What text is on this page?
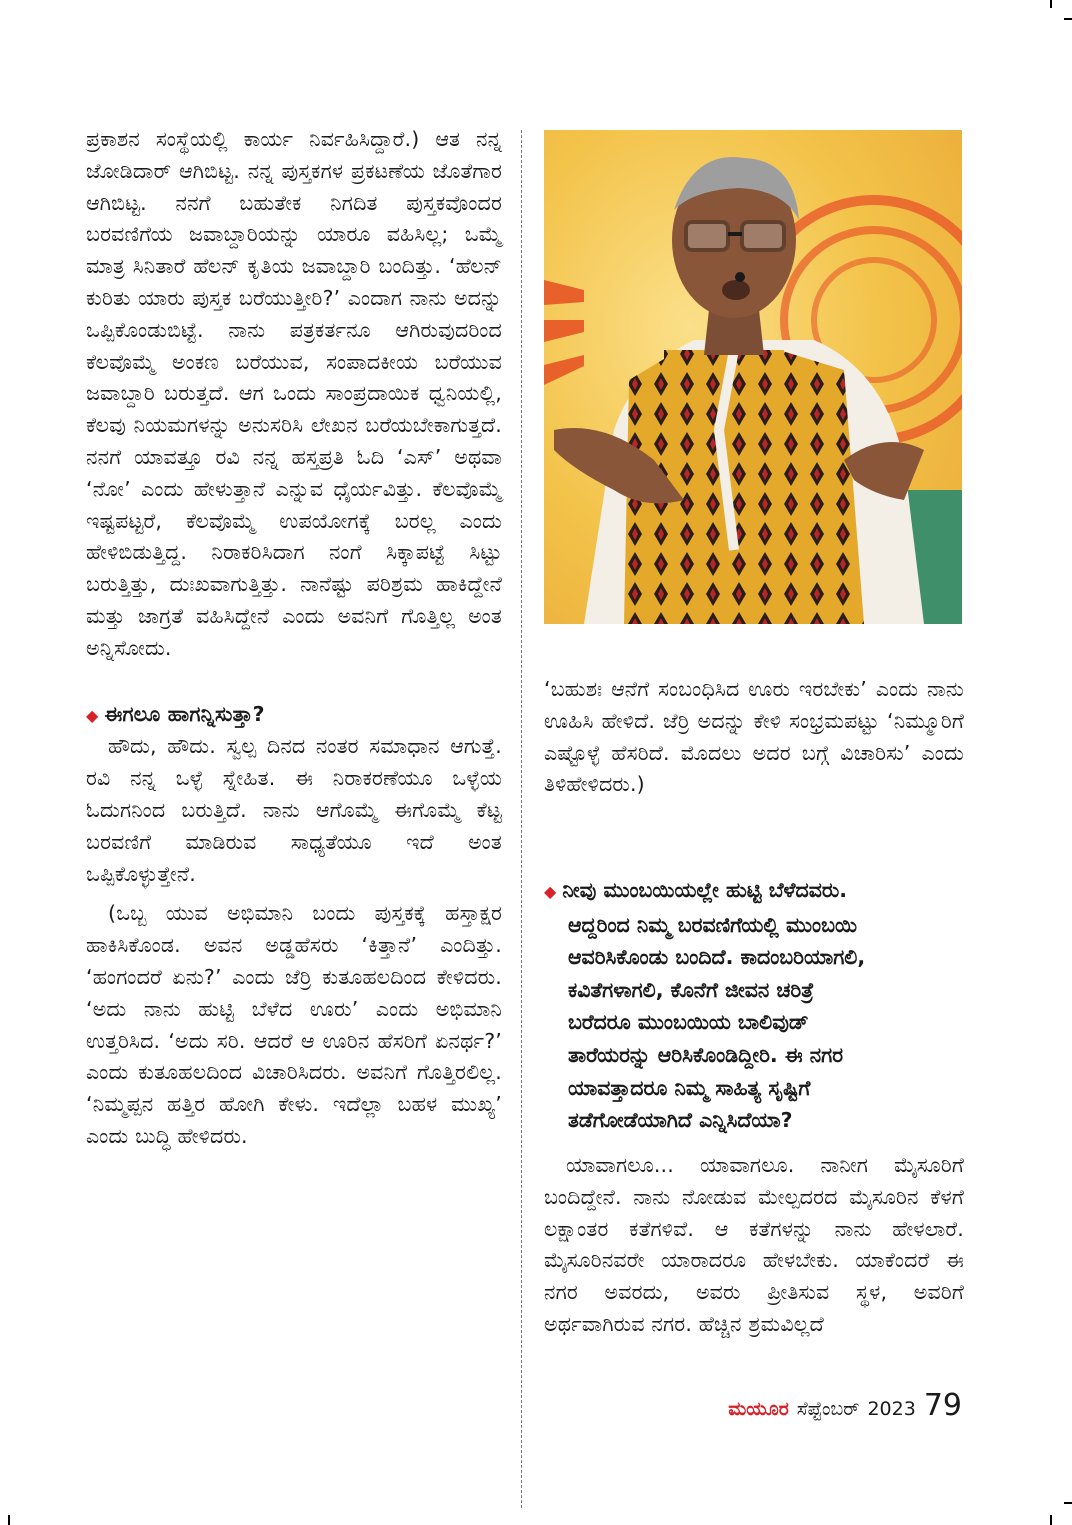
ಪ್ರಕಾಶನ ಸಂಸ್ಥೆಯಲ್ಲಿ ಕಾರ್ಯ ನಿರ್ವಹಿಸಿದ್ದಾರೆ.) ಆತ ನನ್ನ ಜೋಡಿದಾರ್ ಆಗಿಬಿಟ್ಟ. ನನ್ನ ಪುಸ್ತಕಗಳ ಪ್ರಕಟಣೆಯ ಜೊತೆಗಾರ ಆಗಿಬಿಟ್ಟ. ನನಗೆ ಬಹುತೇಕ ನಿಗದಿತ ಪುಸ್ತಕವೊಂದರ ಬರವಣಿಗೆಯ ಜವಾಬ್ದಾರಿಯನ್ನು ಯಾರೂ ವಹಿಸಿಲ್ಲ; ಒಮ್ಮೆ ಮಾತ್ರ ಸಿನಿತಾರೆ ಹೆಲನ್ ಕೃತಿಯ ಜವಾಬ್ದಾರಿ ಬಂದಿತ್ತು. ‘ಹೆಲನ್ ಕುರಿತು ಯಾರು ಪುಸ್ತಕ ಬರೆಯುತ್ತೀರಿ?’ ಎಂದಾಗ ನಾನು ಅದನ್ನು ಒಪ್ಪಿಕೊಂಡುಬಿಟ್ಟೆ. ನಾನು ಪತ್ರಕರ್ತನೂ ಆಗಿರುವುದರಿಂದ ಕೆಲವೊಮ್ಮೆ ಅಂಕಣ ಬರೆಯುವ, ಸಂಪಾದಕೀಯ ಬರೆಯುವ ಜವಾಬ್ದಾರಿ ಬರುತ್ತದೆ. ಆಗ ಒಂದು ಸಾಂಪ್ರದಾಯಿಕ ಧ್ವನಿಯಲ್ಲಿ, ಕೆಲವು ನಿಯಮಗಳನ್ನು ಅನುಸರಿಸಿ ಲೇಖನ ಬರೆಯಬೇಕಾಗುತ್ತದೆ. ನನಗೆ ಯಾವತ್ತೂ ರವಿ ನನ್ನ ಹಸ್ತಪ್ರತಿ ಓದಿ ‘ಎಸ್’ ಅಥವಾ ‘ನೋ’ ಎಂದು ಹೇಳುತ್ತಾನೆ ಎನ್ನುವ ಧೈರ್ಯವಿತ್ತು. ಕೆಲವೊಮ್ಮೆ ಇಷ್ಟಪಟ್ಟರೆ, ಕೆಲವೊಮ್ಮೆ ಉಪಯೋಗಕ್ಕೆ ಬರಲ್ಲ ಎಂದು ಹೇಳಿಬಿಡುತ್ತಿದ್ದ. ನಿರಾಕರಿಸಿದಾಗ ನಂಗೆ ಸಿಕ್ಕಾಪಟ್ಟೆ ಸಿಟ್ಟು ಬರುತ್ತಿತ್ತು, ದುಃಖವಾಗುತ್ತಿತ್ತು. ನಾನೆಷ್ಟು ಪರಿಶ್ರಮ ಹಾಕಿದ್ದೇನೆ ಮತ್ತು ಜಾಗ್ರತೆ ವಹಿಸಿದ್ದೇನೆ ಎಂದು ಅವನಿಗೆ ಗೊತ್ತಿಲ್ಲ ಅಂತ ಅನ್ನಿಸೋದು.

◆ ಈಗಲೂ ಹಾಗನ್ನಿಸುತ್ತಾ?

ಹೌದು, ಹೌದು. ಸ್ವಲ್ಪ ದಿನದ ನಂತರ ಸಮಾಧಾನ ಆಗುತ್ತೆ. ರವಿ ನನ್ನ ಒಳ್ಳೆ ಸ್ನೇಹಿತ. ಈ ನಿರಾಕರಣೆಯೂ ಒಳ್ಳೆಯ ಓದುಗನಿಂದ ಬರುತ್ತಿದೆ. ನಾನು ಆಗೊಮ್ಮೆ ಈಗೊಮ್ಮೆ ಕೆಟ್ಟ ಬರವಣಿಗೆ ಮಾಡಿರುವ ಸಾಧ್ಯತೆಯೂ ಇದೆ ಅಂತ ಒಪ್ಪಿಕೊಳ್ಳುತ್ತೇನೆ.

(ಒಬ್ಬ ಯುವ ಅಭಿಮಾನಿ ಬಂದು ಪುಸ್ತಕಕ್ಕೆ ಹಸ್ತಾಕ್ಷರ ಹಾಕಿಸಿಕೊಂಡ. ಅವನ ಅಡ್ಡಹೆಸರು ‘ಕಿತ್ತಾನೆ’ ಎಂದಿತ್ತು. ‘ಹಂಗಂದರೆ ಏನು?’ ಎಂದು ಜೆರ್ರಿ ಕುತೂಹಲದಿಂದ ಕೇಳಿದರು. ‘ಅದು ನಾನು ಹುಟ್ಟಿ ಬೆಳೆದ ಊರು’ ಎಂದು ಅಭಿಮಾನಿ ಉತ್ತರಿಸಿದ. ‘ಅದು ಸರಿ. ಆದರೆ ಆ ಊರಿನ ಹೆಸರಿಗೆ ಏನರ್ಥ?’ ಎಂದು ಕುತೂಹಲದಿಂದ ವಿಚಾರಿಸಿದರು. ಅವನಿಗೆ ಗೊತ್ತಿರಲಿಲ್ಲ. ‘ನಿಮ್ಮಪ್ಪನ ಹತ್ತಿರ ಹೋಗಿ ಕೇಳು. ಇದೆಲ್ಲಾ ಬಹಳ ಮುಖ್ಯ’ ಎಂದು ಬುದ್ಧಿ ಹೇಳಿದರು.

‘ಬಹುಶಃ ಆನೆಗೆ ಸಂಬಂಧಿಸಿದ ಊರು ಇರಬೇಕು’ ಎಂದು ನಾನು ಊಹಿಸಿ ಹೇಳಿದೆ. ಜೆರ್ರಿ ಅದನ್ನು ಕೇಳಿ ಸಂಭ್ರಮಪಟ್ಟು ‘ನಿಮ್ಮೂರಿಗೆ ಎಷ್ಟೊಳ್ಳೆ ಹೆಸರಿದೆ. ಮೊದಲು ಅದರ ಬಗ್ಗೆ ವಿಚಾರಿಸು’ ಎಂದು ತಿಳಿಹೇಳಿದರು.)

◆ ನೀವು ಮುಂಬಯಿಯಲ್ಲೇ ಹುಟ್ಟಿ ಬೆಳೆದವರು.
ಆದ್ದರಿಂದ ನಿಮ್ಮ ಬರವಣಿಗೆಯಲ್ಲಿ ಮುಂಬಯಿ
ಆವರಿಸಿಕೊಂಡು ಬಂದಿದೆ. ಕಾದಂಬರಿಯಾಗಲಿ,
ಕವಿತೆಗಳಾಗಲಿ, ಕೊನೆಗೆ ಜೀವನ ಚರಿತ್ರೆ
ಬರೆದರೂ ಮುಂಬಯಿಯ ಬಾಲಿವುಡ್
ತಾರೆಯರನ್ನು ಆರಿಸಿಕೊಂಡಿದ್ದೀರಿ. ಈ ನಗರ
ಯಾವತ್ತಾದರೂ ನಿಮ್ಮ ಸಾಹಿತ್ಯ ಸೃಷ್ಟಿಗೆ
ತಡೆಗೋಡೆಯಾಗಿದೆ ಎನ್ನಿಸಿದೆಯಾ?

ಯಾವಾಗಲೂ... ಯಾವಾಗಲೂ. ನಾನೀಗ ಮೈಸೂರಿಗೆ ಬಂದಿದ್ದೇನೆ. ನಾನು ನೋಡುವ ಮೇಲ್ಪದರದ ಮೈಸೂರಿನ ಕೆಳಗೆ ಲಕ್ಷಾಂತರ ಕತೆಗಳಿವೆ. ಆ ಕತೆಗಳನ್ನು ನಾನು ಹೇಳಲಾರೆ. ಮೈಸೂರಿನವರೇ ಯಾರಾದರೂ ಹೇಳಬೇಕು. ಯಾಕೆಂದರೆ ಈ ನಗರ ಅವರದು, ಅವರು ಪ್ರೀತಿಸುವ ಸ್ಥಳ, ಅವರಿಗೆ ಅರ್ಥವಾಗಿರುವ ನಗರ. ಹೆಚ್ಚಿನ ಶ್ರಮವಿಲ್ಲದೆ

ಮಯೂರ ಸೆಪ್ಟೆಂಬರ್ 2023 79
